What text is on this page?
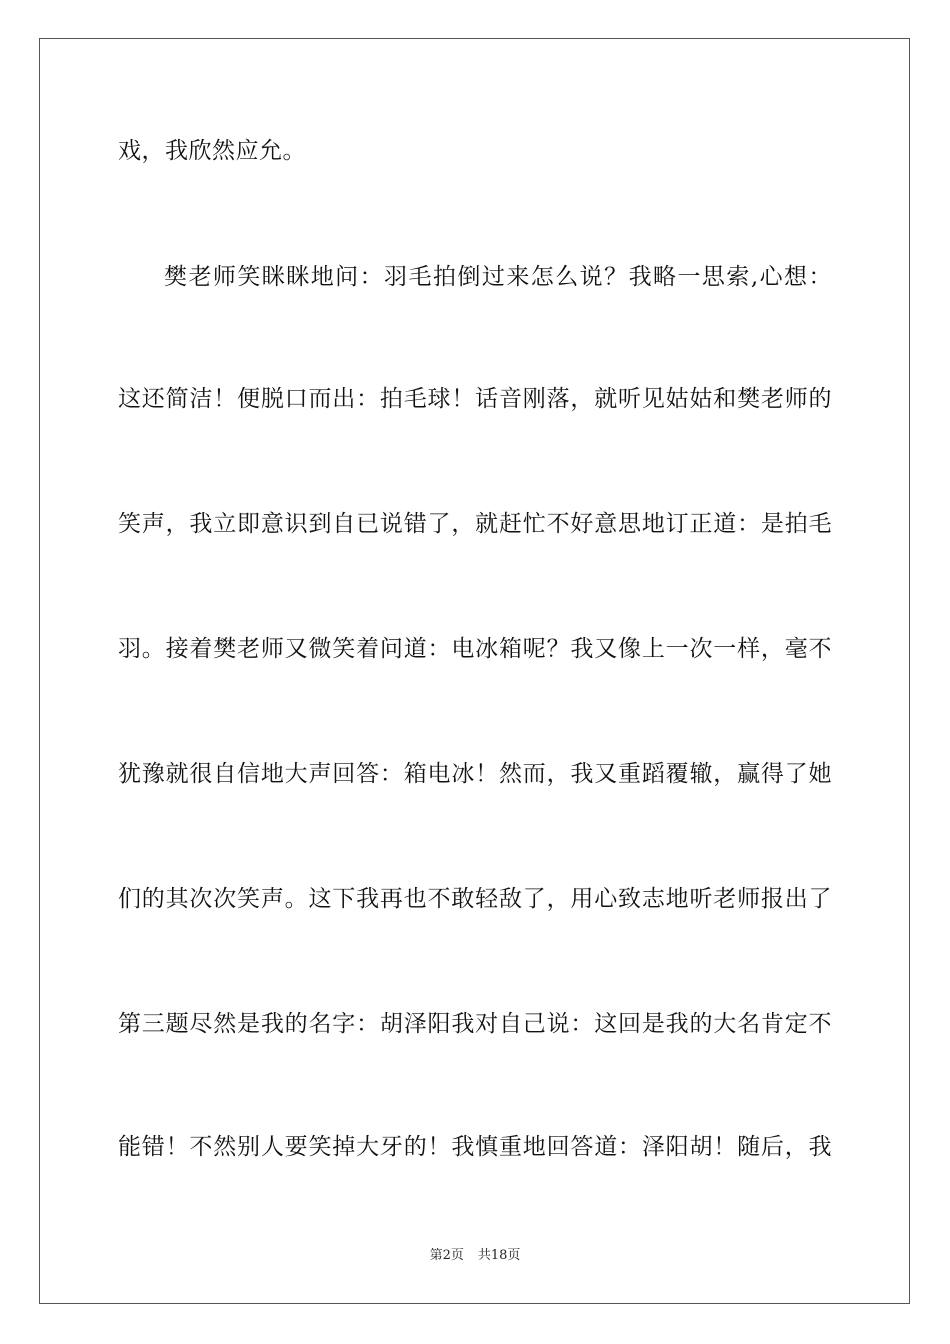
戏，我欣然应允。
樊老师笑眯眯地问：羽毛拍倒过来怎么说？我略一思索,心想：
这还简洁！便脱口而出：拍毛球！话音刚落，就听见姑姑和樊老师的
笑声，我立即意识到自已说错了，就赶忙不好意思地订正道：是拍毛
羽。接着樊老师又微笑着问道：电冰箱呢？我又像上一次一样，毫不
犹豫就很自信地大声回答：箱电冰！然而，我又重蹈覆辙，赢得了她
们的其次次笑声。这下我再也不敢轻敌了，用心致志地听老师报出了
第三题尽然是我的名字：胡泽阳我对自己说：这回是我的大名肯定不
能错！不然别人要笑掉大牙的！我慎重地回答道：泽阳胡！随后，我
第2页 共18页
